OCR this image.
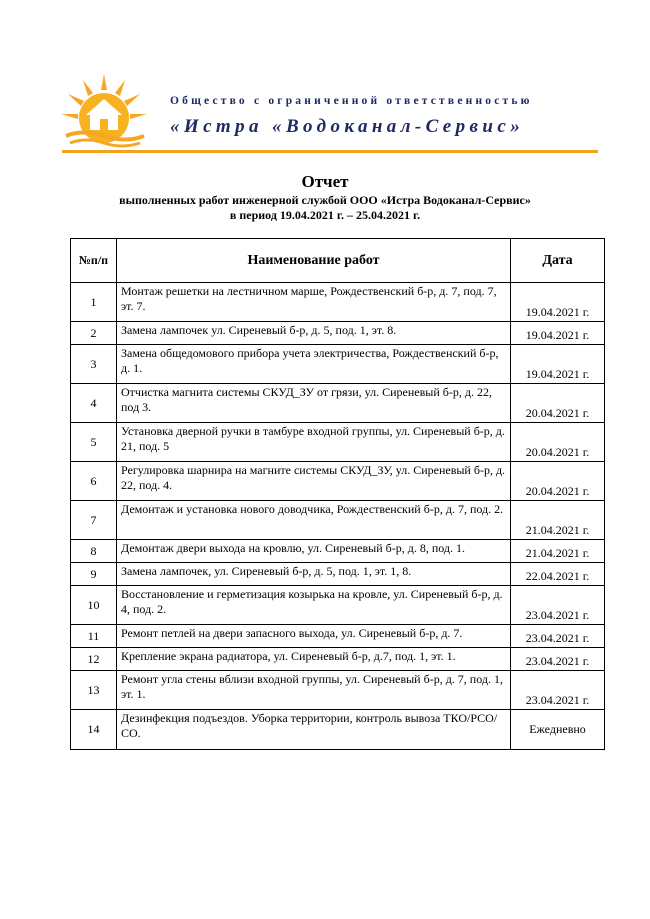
Общество с ограниченной ответственностью
«Истра «Водоканал-Сервис»
Отчет
выполненных работ инженерной службой ООО «Истра Водоканал-Сервис»
в период 19.04.2021 г. – 25.04.2021 г.
№п/п	Наименование работ	Дата
1	Монтаж решетки на лестничном марше, Рождественский б-р, д. 7, под. 7, эт. 7.	19.04.2021 г.
2	Замена лампочек ул. Сиреневый б-р, д. 5, под. 1, эт. 8.	19.04.2021 г.
3	Замена общедомового прибора учета электричества, Рождественский б-р, д. 1.	19.04.2021 г.
4	Отчистка магнита системы СКУД_ЗУ от грязи, ул. Сиреневый б-р, д. 22, под 3.	20.04.2021 г.
5	Установка дверной ручки в тамбуре входной группы, ул. Сиреневый б-р, д. 21, под. 5	20.04.2021 г.
6	Регулировка шарнира на магните системы СКУД_ЗУ, ул. Сиреневый б-р, д. 22, под. 4.	20.04.2021 г.
7	Демонтаж и установка нового доводчика, Рождественский б-р, д. 7, под. 2.	21.04.2021 г.
8	Демонтаж двери выхода на кровлю, ул. Сиреневый б-р, д. 8, под. 1.	21.04.2021 г.
9	Замена лампочек, ул. Сиреневый б-р, д. 5, под. 1, эт. 1, 8.	22.04.2021 г.
10	Восстановление и герметизация козырька на кровле, ул. Сиреневый б-р, д. 4, под. 2.	23.04.2021 г.
11	Ремонт петлей на двери запасного выхода, ул. Сиреневый б-р, д. 7.	23.04.2021 г.
12	Крепление экрана радиатора, ул. Сиреневый б-р, д.7, под. 1, эт. 1.	23.04.2021 г.
13	Ремонт угла стены вблизи входной группы, ул. Сиреневый б-р, д. 7, под. 1, эт. 1.	23.04.2021 г.
14	Дезинфекция подъездов. Уборка территории, контроль вывоза ТКО/РСО/СО.	Ежедневно
